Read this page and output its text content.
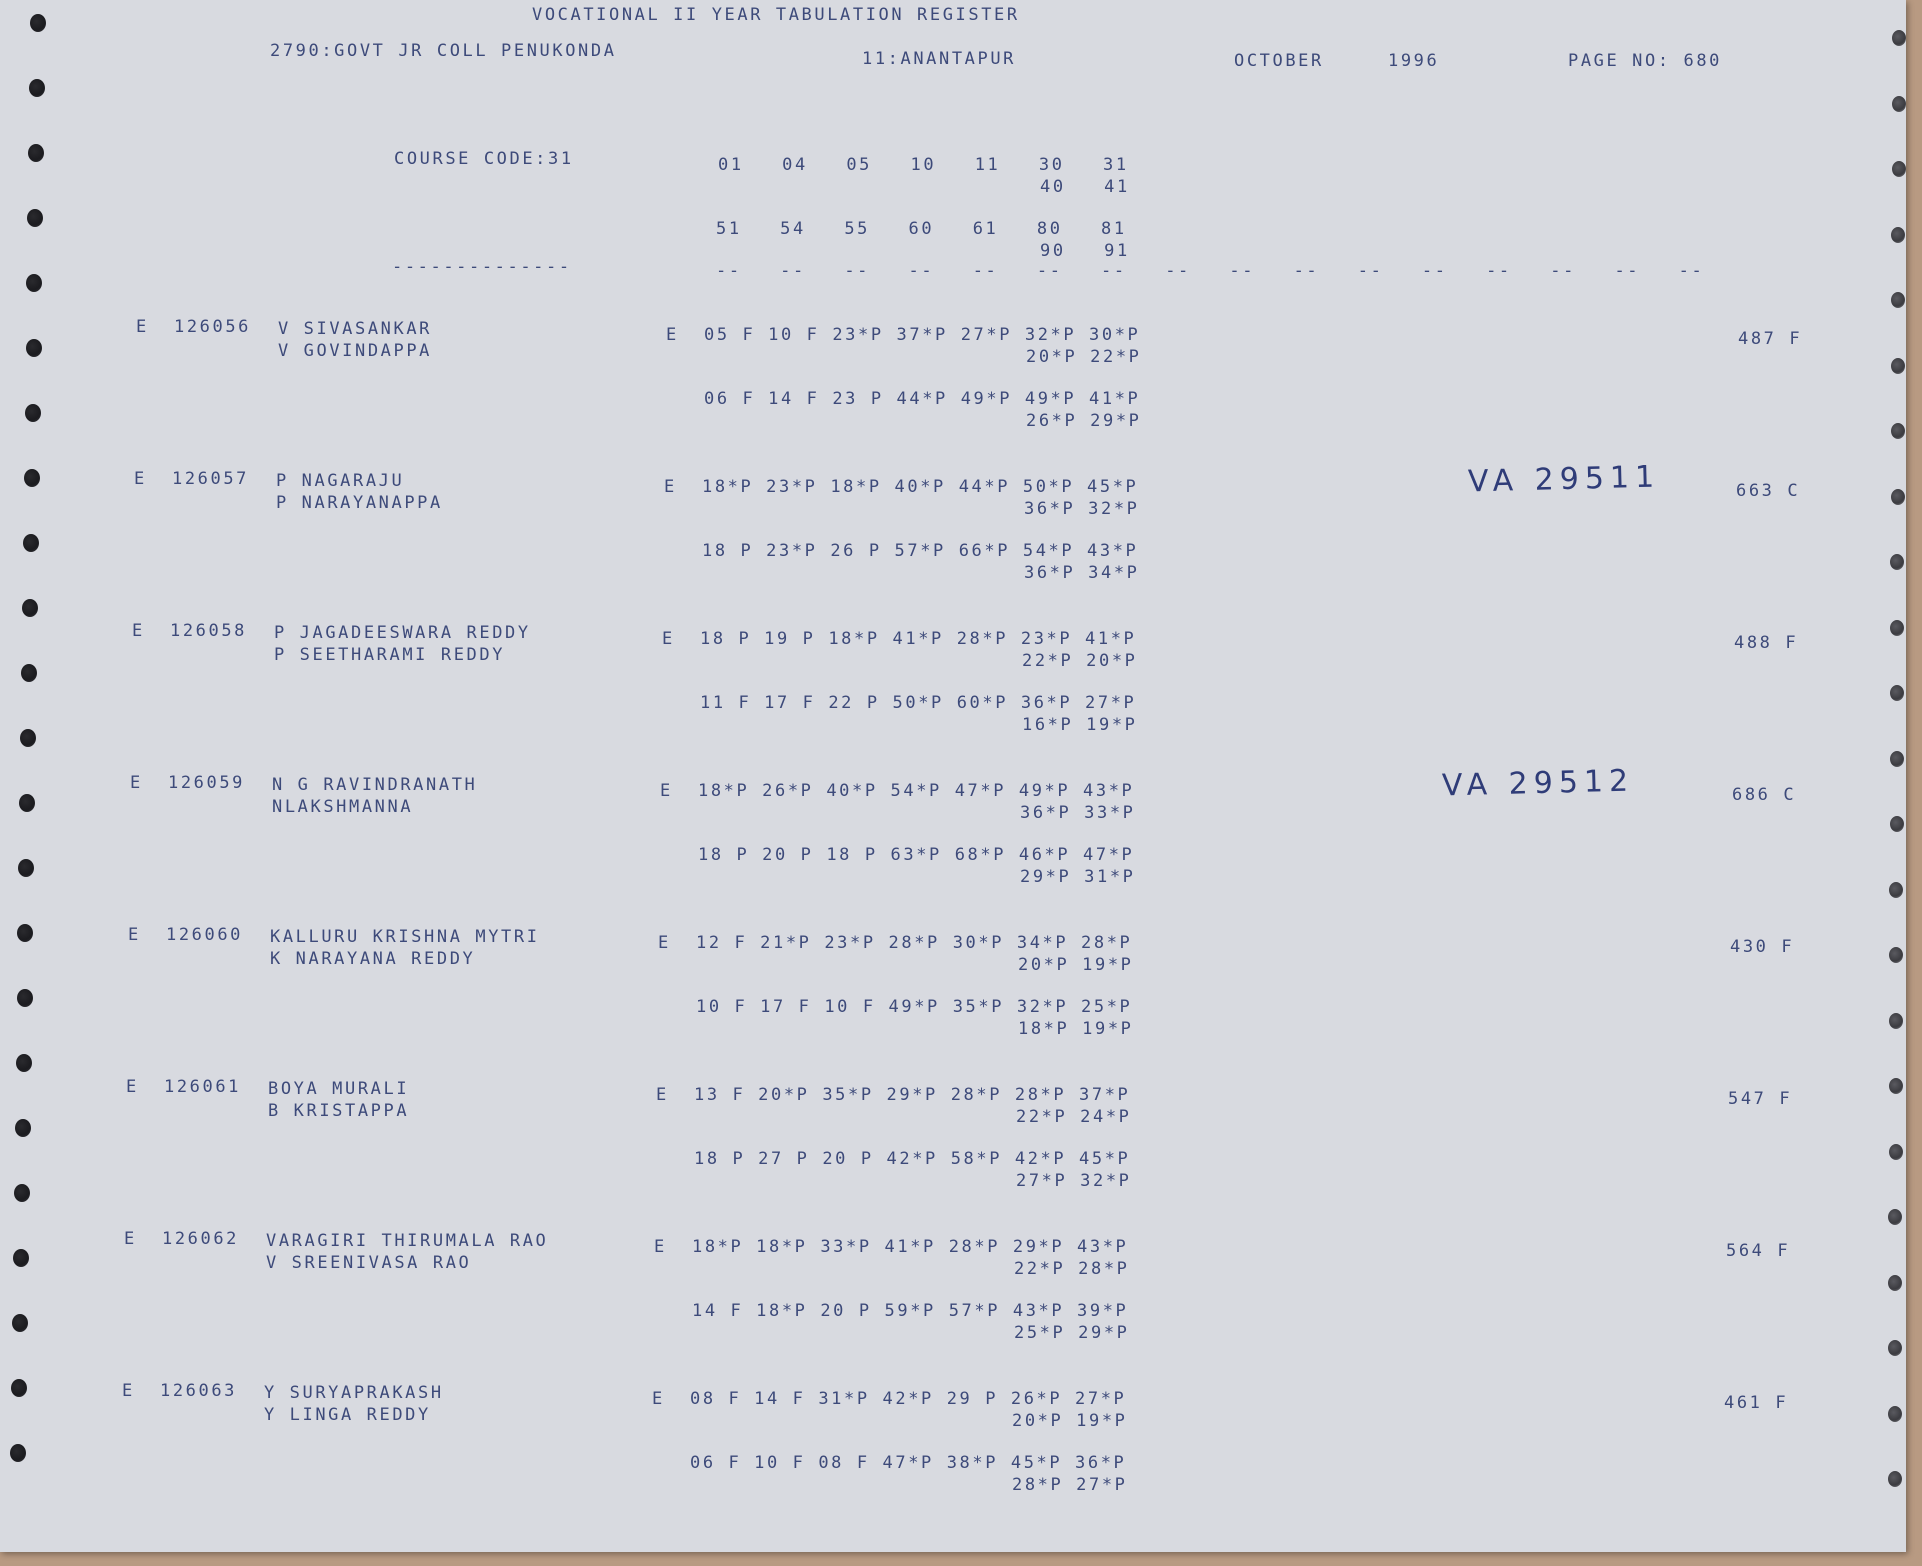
VOCATIONAL II YEAR TABULATION REGISTER
2790:GOVT JR COLL PENUKONDA	11:ANANTAPUR	OCTOBER	1996	PAGE NO: 680
COURSE CODE:31	01   04   05   10   11   30   31
40   41
51   54   55   60   61   80   81
90   91
--------------	--   --   --   --   --   --   --   --   --   --   --   --   --   --   --   --
E 126056 V SIVASANKAR
V GOVINDAPPA
E 05 F 10 F 23*P 37*P 27*P 32*P 30*P
20*P 22*P
06 F 14 F 23 P 44*P 49*P 49*P 41*P
26*P 29*P
487 F
E 126057 P NAGARAJU
P NARAYANAPPA
E 18*P 23*P 18*P 40*P 44*P 50*P 45*P
36*P 32*P
18 P 23*P 26 P 57*P 66*P 54*P 43*P
36*P 34*P
663 C
VA 29511
E 126058 P JAGADEESWARA REDDY
P SEETHARAMI REDDY
E 18 P 19 P 18*P 41*P 28*P 23*P 41*P
22*P 20*P
11 F 17 F 22 P 50*P 60*P 36*P 27*P
16*P 19*P
488 F
E 126059 N G RAVINDRANATH
NLAKSHMANNA
E 18*P 26*P 40*P 54*P 47*P 49*P 43*P
36*P 33*P
18 P 20 P 18 P 63*P 68*P 46*P 47*P
29*P 31*P
686 C
VA 29512
E 126060 KALLURU KRISHNA MYTRI
K NARAYANA REDDY
E 12 F 21*P 23*P 28*P 30*P 34*P 28*P
20*P 19*P
10 F 17 F 10 F 49*P 35*P 32*P 25*P
18*P 19*P
430 F
E 126061 BOYA MURALI
B KRISTAPPA
E 13 F 20*P 35*P 29*P 28*P 28*P 37*P
22*P 24*P
18 P 27 P 20 P 42*P 58*P 42*P 45*P
27*P 32*P
547 F
E 126062 VARAGIRI THIRUMALA RAO
V SREENIVASA RAO
E 18*P 18*P 33*P 41*P 28*P 29*P 43*P
22*P 28*P
14 F 18*P 20 P 59*P 57*P 43*P 39*P
25*P 29*P
564 F
E 126063 Y SURYAPRAKASH
Y LINGA REDDY
E 08 F 14 F 31*P 42*P 29 P 26*P 27*P
20*P 19*P
06 F 10 F 08 F 47*P 38*P 45*P 36*P
28*P 27*P
461 F
